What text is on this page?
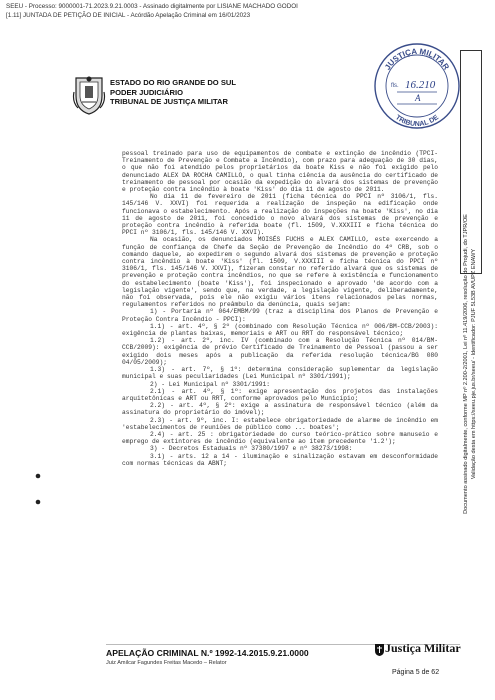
SEEU - Processo: 9000001-71.2023.9.21.0003 - Assinado digitalmente por LISIANE MACHADO GODOI
[1.11] JUNTADA DE PETIÇÃO DE INICIAL - Acórdão Apelação Criminal em 16/01/2023
Documento assinado digitalmente, conforme MP nº 2.200-2/2001, Lei nº 11.419/2006, resolução do Projudi, do TJPR/OE Validação desta em https://seeu.pje.jus.br/seeu/ - Identificador: PJUF 5L53B AVUPZ ENAWY
ESTADO DO RIO GRANDE DO SUL
PODER JUDICIÁRIO
TRIBUNAL DE JUSTIÇA MILITAR
JUSTIÇA MILITAR
TRIBUNAL DE
fls. 16.210
A

pessoal treinado para uso de equipamentos de combate e extinção de incêndio (TPCI-Treinamento de Prevenção e Combate a Incêndio), com prazo para adequação de 30 dias, o que não foi atendido pelos proprietários da boate Kiss e não foi exigido pelo denunciado ALEX DA ROCHA CAMILLO, o qual tinha ciência da ausência do certificado de treinamento de pessoal por ocasião da expedição do alvará dos sistemas de prevenção e proteção contra incêndio à boate 'Kiss' do dia 11 de agosto de 2011.

No dia 11 de fevereiro de 2011 (ficha técnica do PPCI nº 3106/1, fls. 145/146 V. XXVI) foi requerida a realização de inspeção na edificação onde funcionava o estabelecimento. Após a realização do inspeções na boate 'Kiss', no dia 11 de agosto de 2011, foi concedido o novo alvará dos sistemas de prevenção e proteção contra incêndio à referida boate (fl. 1509, V.XXXIII e ficha técnica do PPCI nº 3106/1, fls. 145/146 V. XXVI).

Na ocasião, os denunciados MOISÉS FUCHS e ALEX CAMILLO, este exercendo a função de confiança de Chefe da Seção de Prevenção de Incêndio do 4º CRB, sob o comando daquele, ao expedirem o segundo alvará dos sistemas de prevenção e proteção contra incêndio à boate 'Kiss' (fl. 1509, V.XXXIII e ficha técnica do PPCI nº 3106/1, fls. 145/146 V. XXVI), fizeram constar no referido alvará que os sistemas de prevenção e proteção contra incêndios, no que se refere à existência e funcionamento do estabelecimento (boate 'Kiss'), foi inspecionado e aprovado 'de acordo com a legislação vigente', sendo que, na verdade, a legislação vigente, deliberadamente, não foi observada, pois ele não exigiu vários itens relacionados pelas normas, regulamentos referidos no preâmbulo da denúncia, quais sejam:

1) - Portaria nº 064/EMBM/99 (traz a disciplina dos Planos de Prevenção e Proteção Contra Incêndio - PPCI):

1.1) - art. 4º, § 2º (combinado com Resolução Técnica nº 006/BM-CCB/2003): exigência de plantas baixas, memoriais e ART ou RRT do responsável técnico;

1.2) - art. 2º, inc. IV (combinado com a Resolução Técnica nº 014/BM-CCB/2009): exigência de prévio Certificado de Treinamento de Pessoal (passou a ser exigido dois meses após a publicação da referida resolução técnica/BG 080 04/05/2009);

1.3) - art. 7º, § 1º: determina consideração suplementar da legislação municipal e suas peculiaridades (Lei Municipal nº 3301/1991);

2) - Lei Municipal nº 3301/1991:

2.1) - art. 4º, § 1º: exige apresentação dos projetos das instalações arquitetônicas e ART ou RRT, conforme aprovados pelo Município;

2.2) - art. 4º, § 2º: exige a assinatura de responsável técnico (além da assinatura do proprietário do imóvel);

2.3) - art. 9º, inc. I: estabelece obrigatoriedade de alarme de incêndio em 'estabelecimentos de reuniões de público como ... boates';

2.4) - art. 25 : obrigatoriedade do curso teórico-prático sobre manuseio e emprego de extintores de incêndio (equivalente ao item precedente '1.2');

3) - Decretos Estaduais nº 37380/1997 e nº 38273/1998:

3.1) - arts. 12 a 14 - iluminação e sinalização estavam em desconformidade com normas técnicas da ABNT;

APELAÇÃO CRIMINAL N.º 1992-14.2015.9.21.0000
Juiz Amilcar Fagundes Freitas Macedo – Relator
Justiça Militar
Página 5 de 62
